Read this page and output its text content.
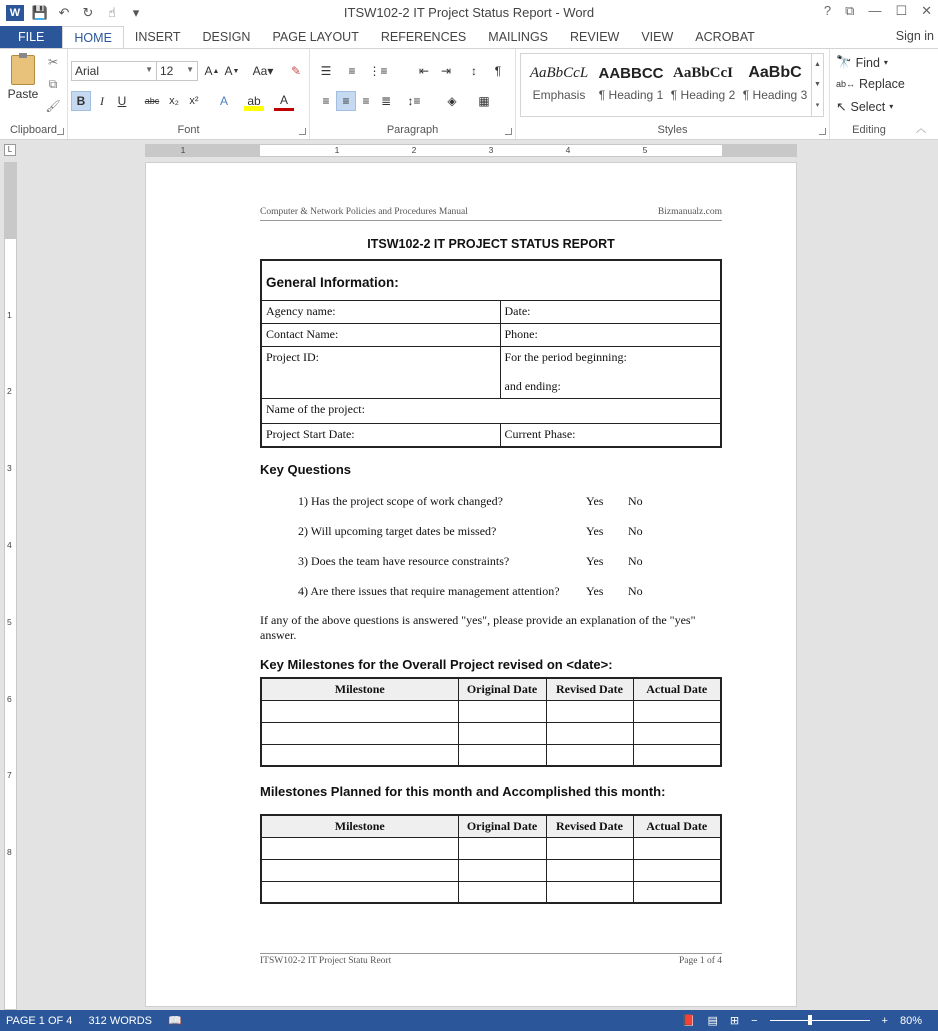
W 💾 ↶ ↻	☝	▾	ITSW102-2 IT Project Status Report - Word	? ⧉ — ☐ ✕
FILE	HOME	INSERT	DESIGN	PAGE LAYOUT	REFERENCES	MAILINGS	REVIEW	VIEW	ACROBAT	Sign in
Paste
✂
⧉
🖌
Clipboard
Arial	▼ 12 ▼ A ▲ A ▼	Aa▾	✎
B	I	U	abc x₂ x²	A	ab	A
Font
☰	≡	⋮≡	⇤ ⇥	↕	¶
≡	≡	≡ ≣	↕≡	◈	▦
Paragraph	Styles
AaBbCcL
Emphasis
AABBCC
¶ Heading 1
AaBbCcI
¶ Heading 2
AaBbC
¶ Heading 3
▲
▼
▾
Editing
🔭 Find ▾
ab↔ Replace
↖ Select ▾
︿
L	1	1	2	3	4	5
1
2
3
4
5
6
7
8
Computer & Network Policies and Procedures Manual	Bizmanualz.com
ITSW102-2 IT PROJECT STATUS REPORT
General Information:	
Agency name:	Date:
Contact Name:	Phone:
Project ID:	For the period beginning:
and ending:

Name of the project:	
Project Start Date:	Current Phase:
Key Questions
1) Has the project scope of work changed?	Yes No
2) Will upcoming target dates be missed?	Yes No
3) Does the team have resource constraints?	Yes No
4) Are there issues that require management attention? Yes No
If any of the above questions is answered "yes", please provide an explanation of the "yes" answer.
Key Milestones for the Overall Project revised on <date>:
Milestone	Original Date	Revised Date	Actual Date

Milestones Planned for this month and Accomplished this month:
Milestone	Original Date	Revised Date	Actual Date

ITSW102-2 IT Project Statu Reort	Page 1 of 4
PAGE 1 OF 4 312 WORDS 📖	📕 ▤ ⊞ −	+ 80%
